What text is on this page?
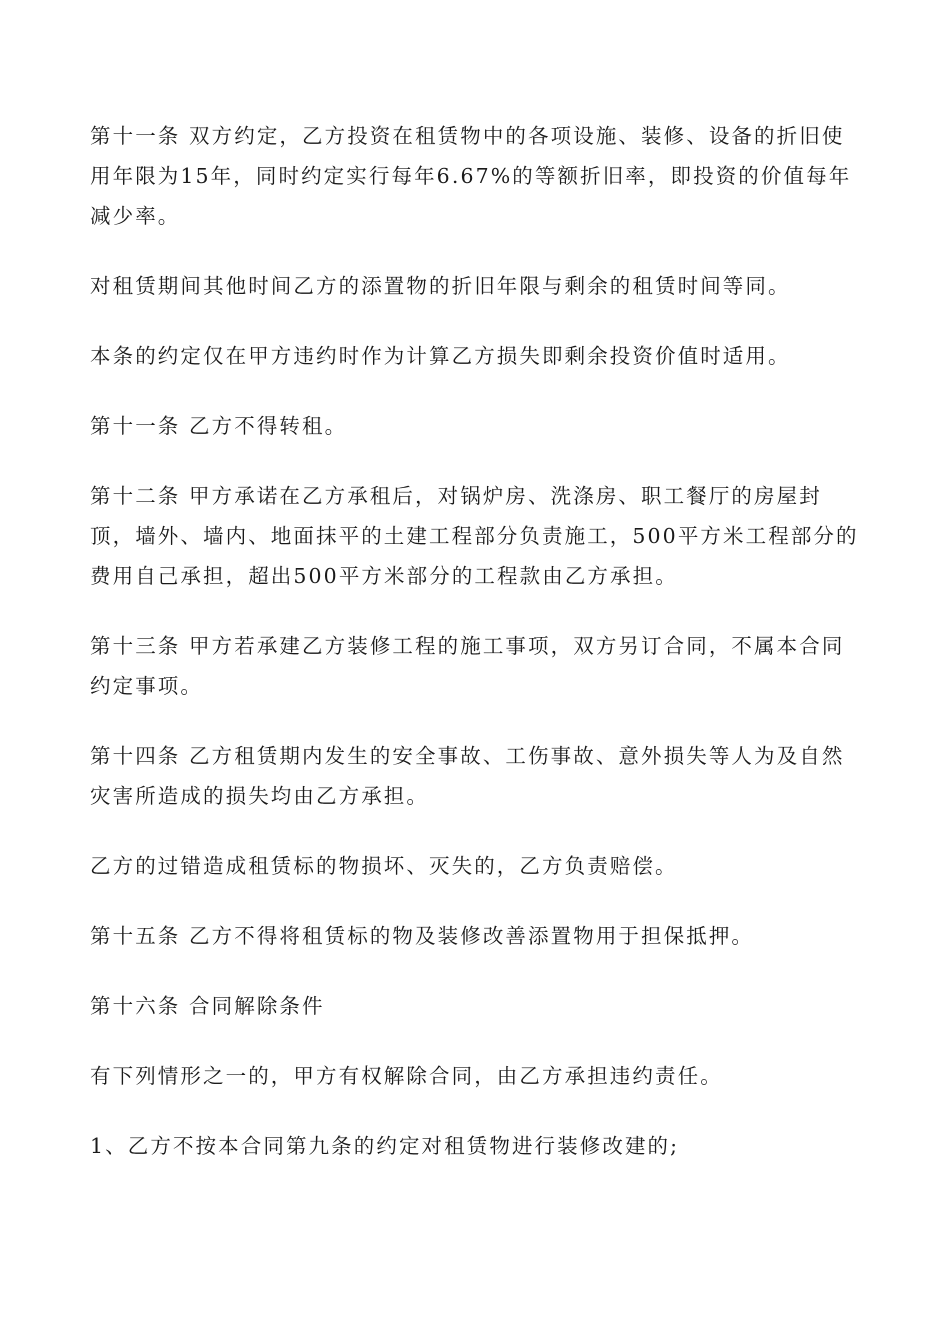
第十一条 双方约定，乙方投资在租赁物中的各项设施、装修、设备的折旧使用年限为15年，同时约定实行每年6.67%的等额折旧率，即投资的价值每年减少率。

对租赁期间其他时间乙方的添置物的折旧年限与剩余的租赁时间等同。

本条的约定仅在甲方违约时作为计算乙方损失即剩余投资价值时适用。

第十一条 乙方不得转租。

第十二条 甲方承诺在乙方承租后，对锅炉房、洗涤房、职工餐厅的房屋封顶，墙外、墙内、地面抹平的土建工程部分负责施工，500平方米工程部分的费用自己承担，超出500平方米部分的工程款由乙方承担。

第十三条 甲方若承建乙方装修工程的施工事项，双方另订合同，不属本合同约定事项。

第十四条 乙方租赁期内发生的安全事故、工伤事故、意外损失等人为及自然灾害所造成的损失均由乙方承担。

乙方的过错造成租赁标的物损坏、灭失的，乙方负责赔偿。

第十五条 乙方不得将租赁标的物及装修改善添置物用于担保抵押。

第十六条 合同解除条件

有下列情形之一的，甲方有权解除合同，由乙方承担违约责任。

1、乙方不按本合同第九条的约定对租赁物进行装修改建的;
